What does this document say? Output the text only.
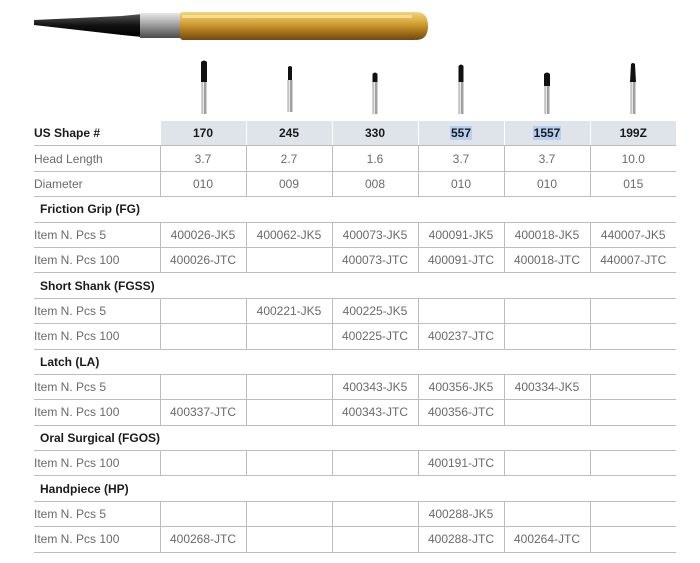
US Shape #	170	245	330	557	1557	199Z
Head Length	3.7	2.7	1.6	3.7	3.7	10.0
Diameter	010	009	008	010	010	015
Friction Grip (FG)						
Item N. Pcs 5	400026-JK5	400062-JK5	400073-JK5	400091-JK5	400018-JK5	440007-JK5
Item N. Pcs 100	400026-JTC		400073-JTC	400091-JTC	400018-JTC	440007-JTC
Short Shank (FGSS)						
Item N. Pcs 5		400221-JK5	400225-JK5			
Item N. Pcs 100			400225-JTC	400237-JTC		
Latch (LA)						
Item N. Pcs 5			400343-JK5	400356-JK5	400334-JK5	
Item N. Pcs 100	400337-JTC		400343-JTC	400356-JTC		
Oral Surgical (FGOS)						
Item N. Pcs 100				400191-JTC		
Handpiece (HP)						
Item N. Pcs 5				400288-JK5		
Item N. Pcs 100	400268-JTC			400288-JTC	400264-JTC	
